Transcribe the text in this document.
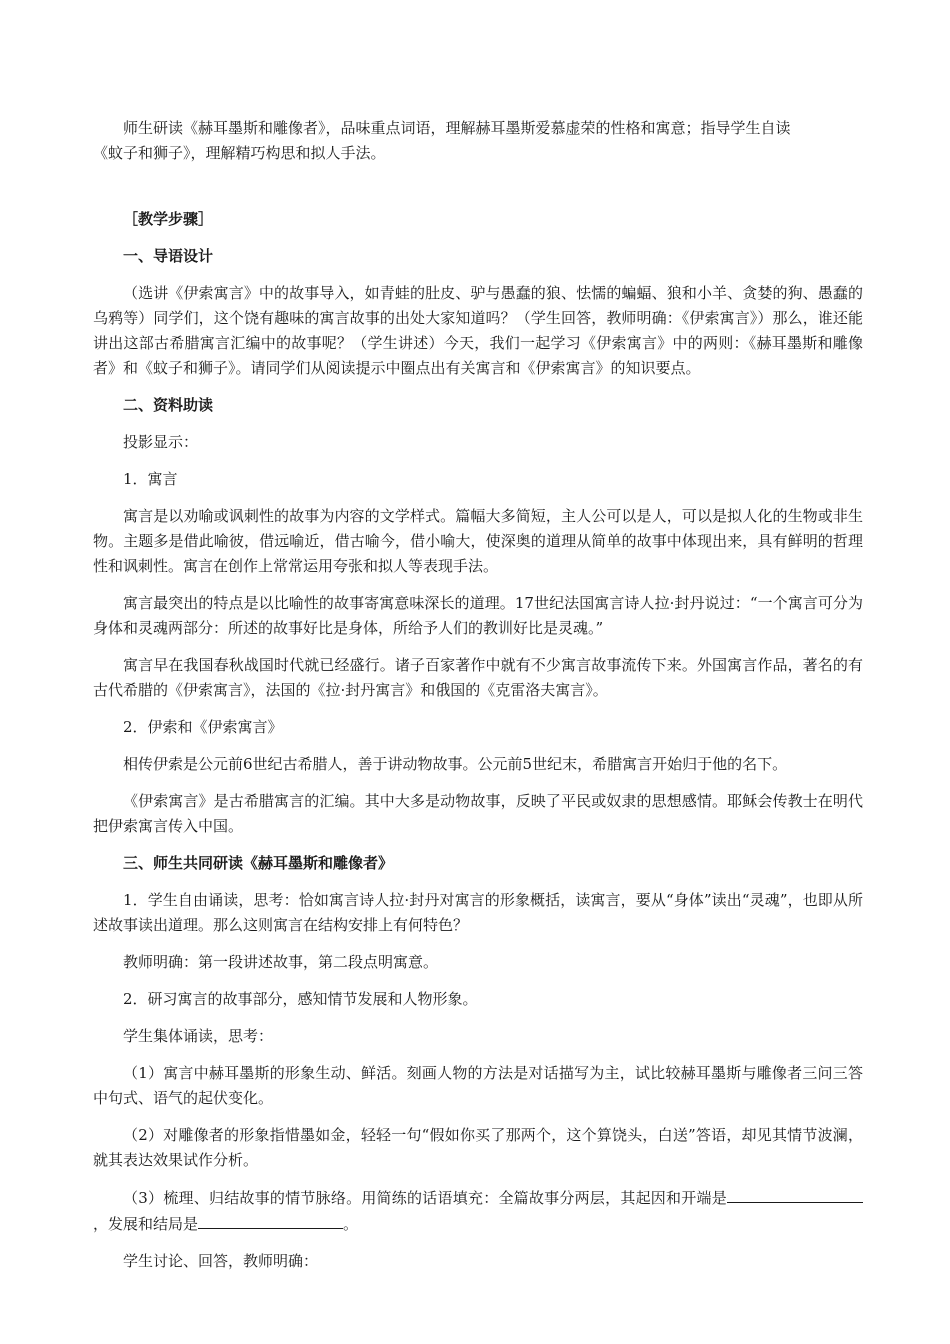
师生研读《赫耳墨斯和雕像者》，品味重点词语，理解赫耳墨斯爱慕虚荣的性格和寓意；指导学生自读

《蚊子和狮子》，理解精巧构思和拟人手法。

［教学步骤］

一、导语设计

（选讲《伊索寓言》中的故事导入，如青蛙的肚皮、驴与愚蠢的狼、怯懦的蝙蝠、狼和小羊、贪婪的狗、愚蠢的乌鸦等）同学们，这个饶有趣味的寓言故事的出处大家知道吗？（学生回答，教师明确：《伊索寓言》）那么，谁还能讲出这部古希腊寓言汇编中的故事呢？（学生讲述）今天，我们一起学习《伊索寓言》中的两则：《赫耳墨斯和雕像者》和《蚊子和狮子》。请同学们从阅读提示中圈点出有关寓言和《伊索寓言》的知识要点。

二、资料助读

投影显示：

1．寓言

寓言是以劝喻或讽刺性的故事为内容的文学样式。篇幅大多简短，主人公可以是人，可以是拟人化的生物或非生物。主题多是借此喻彼，借远喻近，借古喻今，借小喻大，使深奥的道理从简单的故事中体现出来，具有鲜明的哲理性和讽刺性。寓言在创作上常常运用夸张和拟人等表现手法。

寓言最突出的特点是以比喻性的故事寄寓意味深长的道理。17世纪法国寓言诗人拉·封丹说过：“一个寓言可分为身体和灵魂两部分：所述的故事好比是身体，所给予人们的教训好比是灵魂。”

寓言早在我国春秋战国时代就已经盛行。诸子百家著作中就有不少寓言故事流传下来。外国寓言作品，著名的有古代希腊的《伊索寓言》，法国的《拉·封丹寓言》和俄国的《克雷洛夫寓言》。

2．伊索和《伊索寓言》

相传伊索是公元前6世纪古希腊人，善于讲动物故事。公元前5世纪末，希腊寓言开始归于他的名下。

《伊索寓言》是古希腊寓言的汇编。其中大多是动物故事，反映了平民或奴隶的思想感情。耶稣会传教士在明代把伊索寓言传入中国。

三、师生共同研读《赫耳墨斯和雕像者》

1．学生自由诵读，思考：恰如寓言诗人拉·封丹对寓言的形象概括，读寓言，要从“身体”读出“灵魂”，也即从所述故事读出道理。那么这则寓言在结构安排上有何特色？

教师明确：第一段讲述故事，第二段点明寓意。

2．研习寓言的故事部分，感知情节发展和人物形象。

学生集体诵读，思考：

（1）寓言中赫耳墨斯的形象生动、鲜活。刻画人物的方法是对话描写为主，试比较赫耳墨斯与雕像者三问三答中句式、语气的起伏变化。

（2）对雕像者的形象指惜墨如金，轻轻一句“假如你买了那两个，这个算饶头，白送”答语，却见其情节波澜，就其表达效果试作分析。

（3）梳理、归结故事的情节脉络。用简练的话语填充：全篇故事分两层，其起因和开端是，发展和结局是	。

学生讨论、回答，教师明确：
